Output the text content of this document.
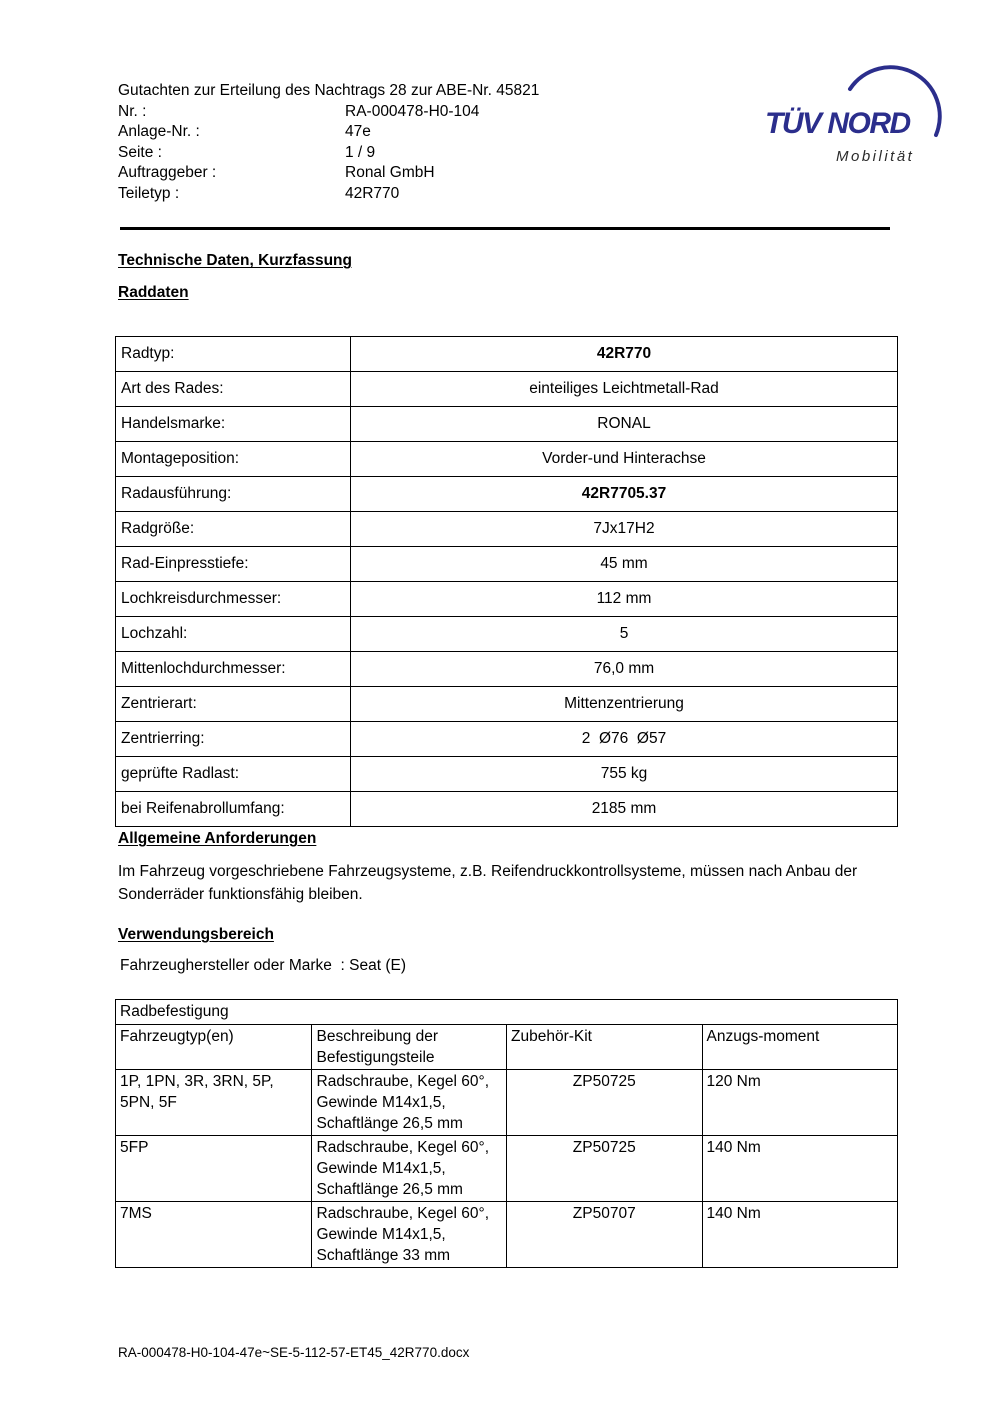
Gutachten zur Erteilung des Nachtrags 28 zur ABE-Nr. 45821
Nr. :	RA-000478-H0-104
Anlage-Nr. :	47e
Seite :	1 / 9
Auftraggeber :	Ronal GmbH
Teiletyp :	42R770
TÜV NORD
Mobilität
Technische Daten, Kurzfassung
Raddaten
Radtyp:	42R770
Art des Rades:	einteiliges Leichtmetall-Rad
Handelsmarke:	RONAL
Montageposition:	Vorder-und Hinterachse
Radausführung:	42R7705.37
Radgröße:	7Jx17H2
Rad-Einpresstiefe:	45 mm
Lochkreisdurchmesser:	112 mm
Lochzahl:	5
Mittenlochdurchmesser:	76,0 mm
Zentrierart:	Mittenzentrierung
Zentrierring:	2  Ø76  Ø57
geprüfte Radlast:	755 kg
bei Reifenabrollumfang:	2185 mm
Allgemeine Anforderungen
Im Fahrzeug vorgeschriebene Fahrzeugsysteme, z.B. Reifendruckkontrollsysteme, müssen nach Anbau der Sonderräder funktionsfähig bleiben.
Verwendungsbereich
Fahrzeughersteller oder Marke  : Seat (E)
Radbefestigung			
Fahrzeugtyp(en)	Beschreibung der Befestigungsteile	Zubehör-Kit	Anzugs-moment
1P, 1PN, 3R, 3RN, 5P, 5PN, 5F	Radschraube, Kegel 60°, Gewinde M14x1,5, Schaftlänge 26,5 mm	ZP50725	120 Nm
5FP	Radschraube, Kegel 60°, Gewinde M14x1,5, Schaftlänge 26,5 mm	ZP50725	140 Nm
7MS	Radschraube, Kegel 60°, Gewinde M14x1,5, Schaftlänge 33 mm	ZP50707	140 Nm
RA-000478-H0-104-47e~SE-5-112-57-ET45_42R770.docx
